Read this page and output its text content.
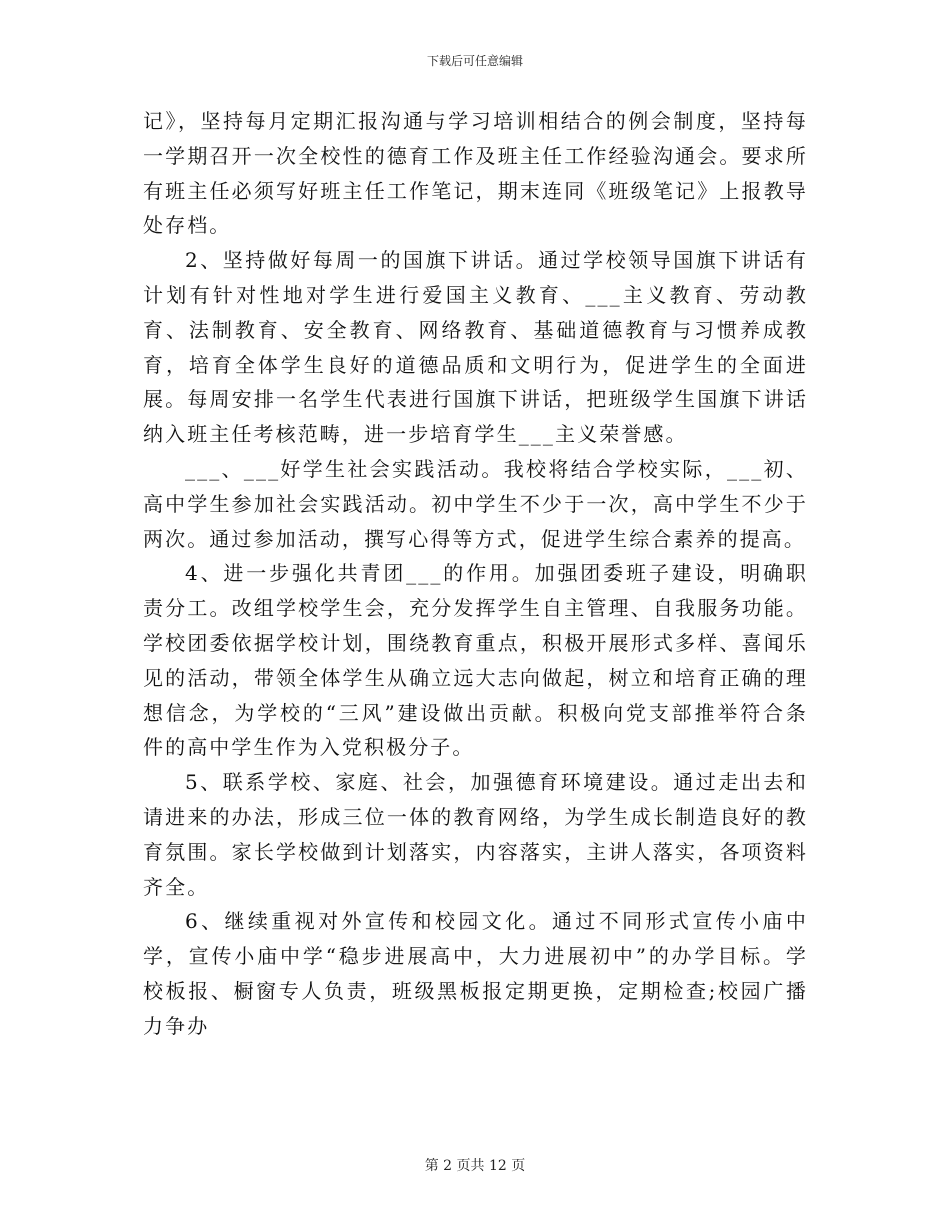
下载后可任意编辑

记》，坚持每月定期汇报沟通与学习培训相结合的例会制度，坚持每一学期召开一次全校性的德育工作及班主任工作经验沟通会。要求所有班主任必须写好班主任工作笔记，期末连同《班级笔记》上报教导处存档。

2、坚持做好每周一的国旗下讲话。通过学校领导国旗下讲话有计划有针对性地对学生进行爱国主义教育、___主义教育、劳动教育、法制教育、安全教育、网络教育、基础道德教育与习惯养成教育，培育全体学生良好的道德品质和文明行为，促进学生的全面进展。每周安排一名学生代表进行国旗下讲话，把班级学生国旗下讲话纳入班主任考核范畴，进一步培育学生___主义荣誉感。

___、___好学生社会实践活动。我校将结合学校实际，___初、高中学生参加社会实践活动。初中学生不少于一次，高中学生不少于两次。通过参加活动，撰写心得等方式，促进学生综合素养的提高。

4、进一步强化共青团___的作用。加强团委班子建设，明确职责分工。改组学校学生会，充分发挥学生自主管理、自我服务功能。学校团委依据学校计划，围绕教育重点，积极开展形式多样、喜闻乐见的活动，带领全体学生从确立远大志向做起，树立和培育正确的理想信念，为学校的“三风”建设做出贡献。积极向党支部推举符合条件的高中学生作为入党积极分子。

5、联系学校、家庭、社会，加强德育环境建设。通过走出去和请进来的办法，形成三位一体的教育网络，为学生成长制造良好的教育氛围。家长学校做到计划落实，内容落实，主讲人落实，各项资料齐全。

6、继续重视对外宣传和校园文化。通过不同形式宣传小庙中学，宣传小庙中学“稳步进展高中，大力进展初中”的办学目标。学校板报、橱窗专人负责，班级黑板报定期更换，定期检查;校园广播力争办

第 2 页共 12 页
